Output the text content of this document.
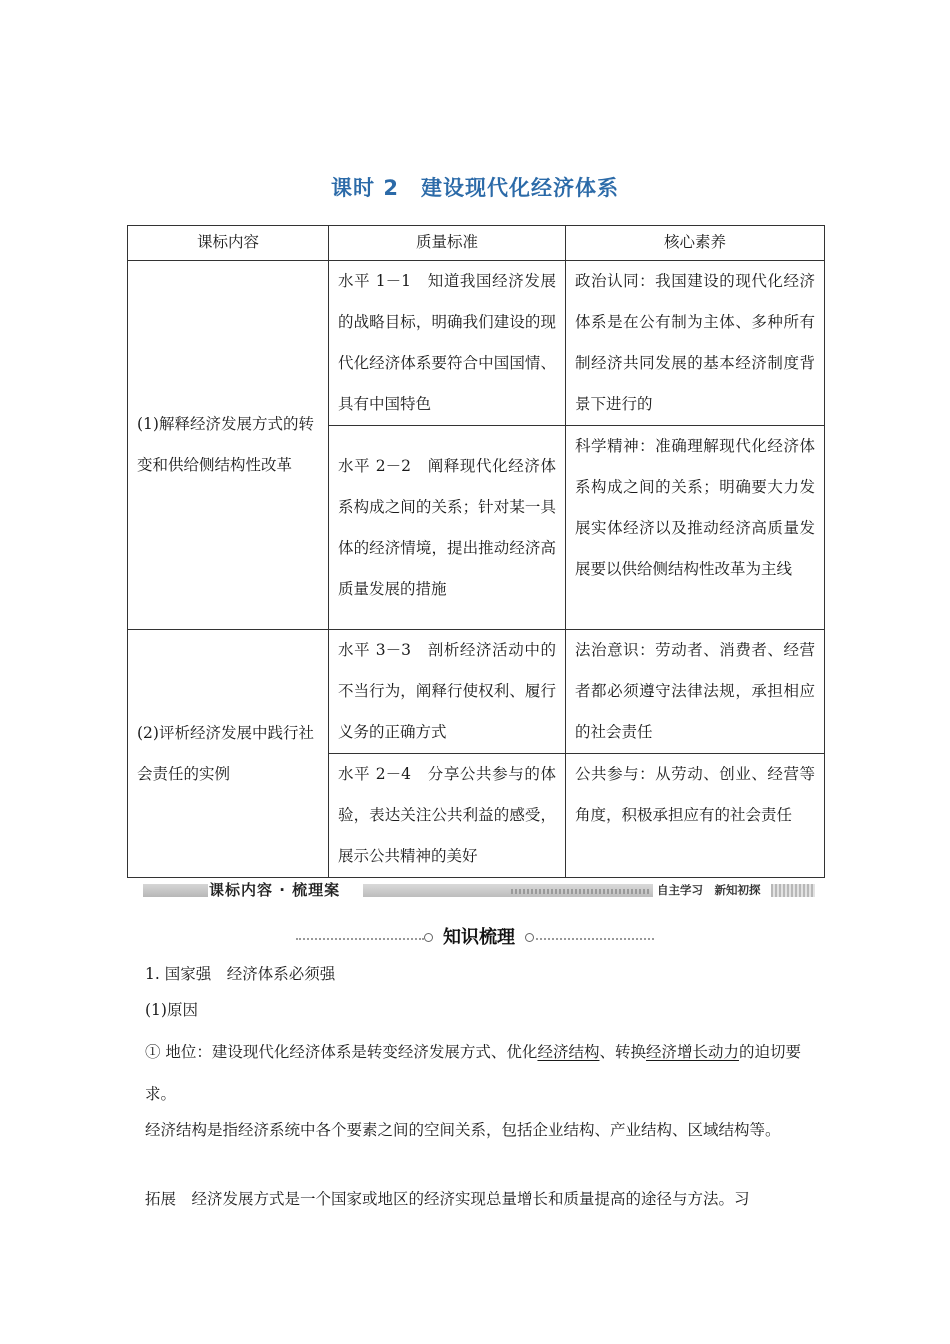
课时 2 建设现代化经济体系
课标内容	质量标准	核心素养
(1)解释经济发展方式的转变和供给侧结构性改革	水平 1－1　知道我国经济发展的战略目标，明确我们建设的现代化经济体系要符合中国国情、具有中国特色	政治认同：我国建设的现代化经济体系是在公有制为主体、多种所有制经济共同发展的基本经济制度背景下进行的
	水平 2－2　阐释现代化经济体系构成之间的关系；针对某一具体的经济情境，提出推动经济高质量发展的措施	科学精神：准确理解现代化经济体系构成之间的关系；明确要大力发展实体经济以及推动经济高质量发展要以供给侧结构性改革为主线
(2)评析经济发展中践行社会责任的实例	水平 3－3　剖析经济活动中的不当行为，阐释行使权利、履行义务的正确方式	法治意识：劳动者、消费者、经营者都必须遵守法律法规，承担相应的社会责任
	水平 2－4　分享公共参与的体验，表达关注公共利益的感受，展示公共精神的美好	公共参与：从劳动、创业、经营等角度，积极承担应有的社会责任
课标内容 · 梳理案	自主学习　新知初探
知识梳理
1. 国家强　经济体系必须强
(1)原因
① 地位：建设现代化经济体系是转变经济发展方式、优化经济结构、转换经济增长动力的迫切要求。
经济结构是指经济系统中各个要素之间的空间关系，包括企业结构、产业结构、区域结构等。
拓展　经济发展方式是一个国家或地区的经济实现总量增长和质量提高的途径与方法。习
